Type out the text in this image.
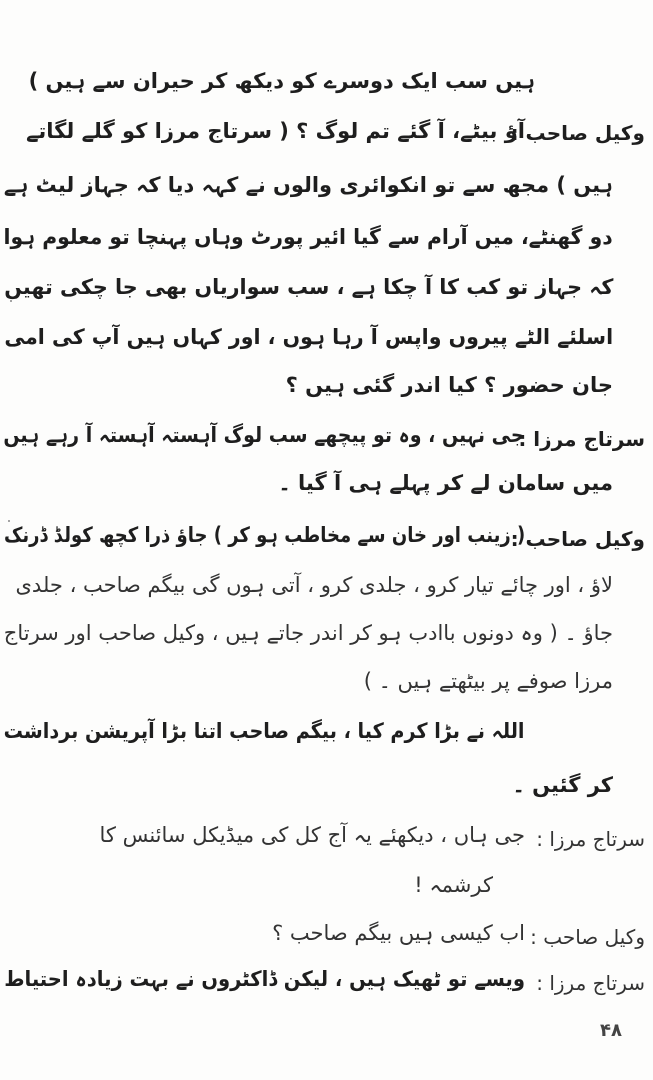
ہیں سب ایک دوسرے کو دیکھ کر حیران سے ہیں )
وکیل صاحب :
آؤ بیٹے، آ گئے تم لوگ ؟ ( سرتاج مرزا کو گلے لگاتے
ہیں ) مجھ سے تو انکوائری والوں نے کہہ دیا کہ جہاز لیٹ ہے
دو گھنٹے، میں آرام سے گیا ائیر پورٹ وہاں پہنچا تو معلوم ہوا
کہ جہاز تو کب کا آ چکا ہے ، سب سواریاں بھی جا چکی تھیں
اسلئے الٹے پیروں واپس آ رہا ہوں ، اور کہاں ہیں آپ کی امی
جان حضور ؟ کیا اندر گئی ہیں ؟
سرتاج مرزا :
جی نہیں ، وہ تو پیچھے سب لوگ آہستہ آہستہ آ رہے ہیں
میں سامان لے کر پہلے ہی آ گیا ۔
وکیل صاحب :
( زینب اور خان سے مخاطب ہو کر ) جاؤ ذرا کچھ کولڈ ڈرنک
لاؤ ، اور چائے تیار کرو ، جلدی کرو ، آتی ہوں گی بیگم صاحب ، جلدی
جاؤ ۔ ( وہ دونوں باادب ہو کر اندر جاتے ہیں ، وکیل صاحب اور سرتاج
مرزا صوفے پر بیٹھتے ہیں ۔ )
اللہ نے بڑا کرم کیا ، بیگم صاحب اتنا بڑا آپریشن برداشت
کر گئیں ۔
سرتاج مرزا :
جی ہاں ، دیکھئے یہ آج کل کی میڈیکل سائنس کا
کرشمہ !
وکیل صاحب :
اب کیسی ہیں بیگم صاحب ؟
سرتاج مرزا :
ویسے تو ٹھیک ہیں ، لیکن ڈاکٹروں نے بہت زیادہ احتیاط
۴۸
